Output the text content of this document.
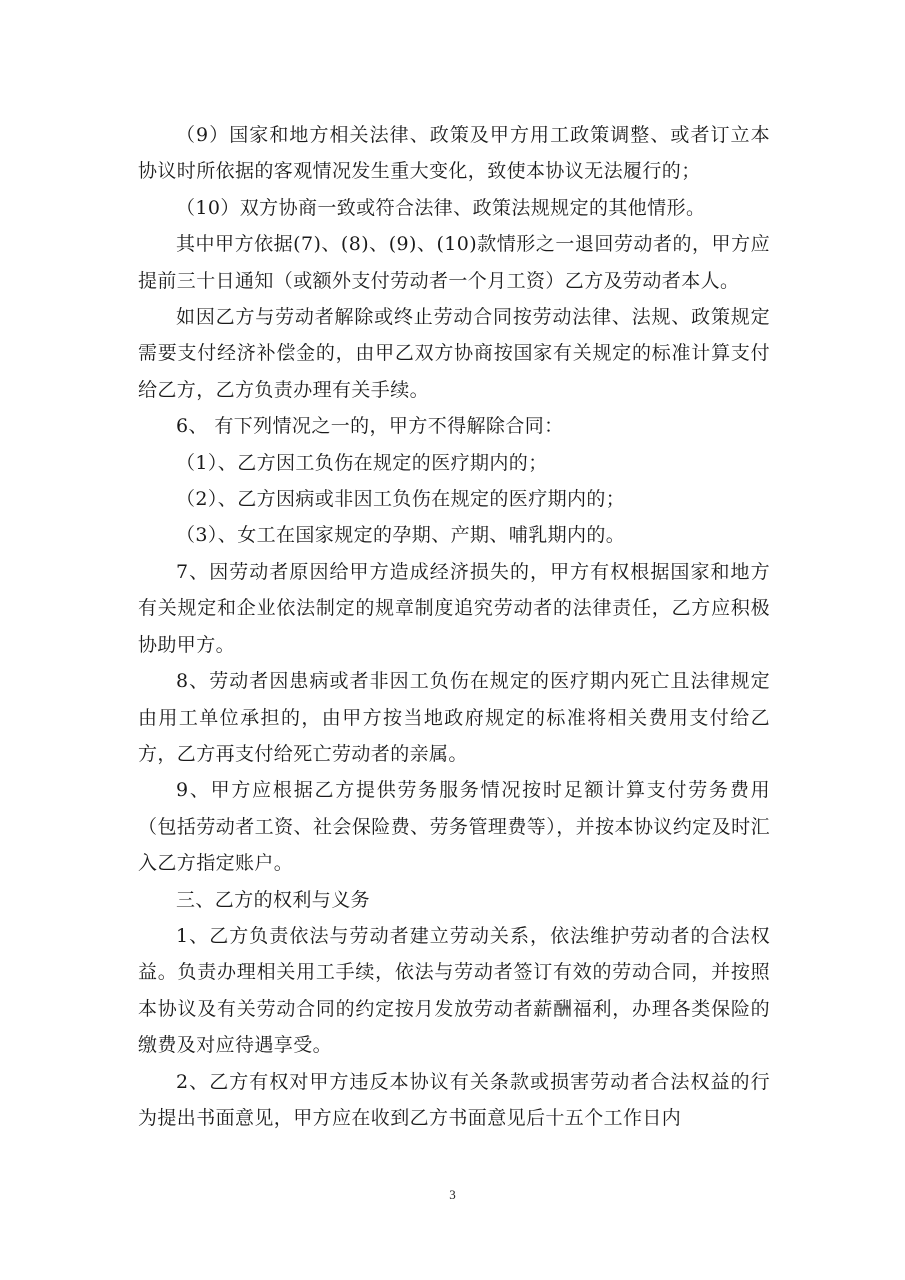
（9）国家和地方相关法律、政策及甲方用工政策调整、或者订立本协议时所依据的客观情况发生重大变化，致使本协议无法履行的；

（10）双方协商一致或符合法律、政策法规规定的其他情形。

其中甲方依据(7)、(8)、(9)、(10)款情形之一退回劳动者的，甲方应提前三十日通知（或额外支付劳动者一个月工资）乙方及劳动者本人。

如因乙方与劳动者解除或终止劳动合同按劳动法律、法规、政策规定需要支付经济补偿金的，由甲乙双方协商按国家有关规定的标准计算支付给乙方，乙方负责办理有关手续。

6、 有下列情况之一的，甲方不得解除合同：

（1）、乙方因工负伤在规定的医疗期内的；

（2）、乙方因病或非因工负伤在规定的医疗期内的；

（3）、女工在国家规定的孕期、产期、哺乳期内的。

7、因劳动者原因给甲方造成经济损失的，甲方有权根据国家和地方有关规定和企业依法制定的规章制度追究劳动者的法律责任，乙方应积极协助甲方。

8、劳动者因患病或者非因工负伤在规定的医疗期内死亡且法律规定由用工单位承担的，由甲方按当地政府规定的标准将相关费用支付给乙方，乙方再支付给死亡劳动者的亲属。

9、甲方应根据乙方提供劳务服务情况按时足额计算支付劳务费用（包括劳动者工资、社会保险费、劳务管理费等），并按本协议约定及时汇入乙方指定账户。

三、乙方的权利与义务

1、乙方负责依法与劳动者建立劳动关系，依法维护劳动者的合法权益。负责办理相关用工手续，依法与劳动者签订有效的劳动合同，并按照本协议及有关劳动合同的约定按月发放劳动者薪酬福利，办理各类保险的缴费及对应待遇享受。

2、乙方有权对甲方违反本协议有关条款或损害劳动者合法权益的行为提出书面意见，甲方应在收到乙方书面意见后十五个工作日内

3
